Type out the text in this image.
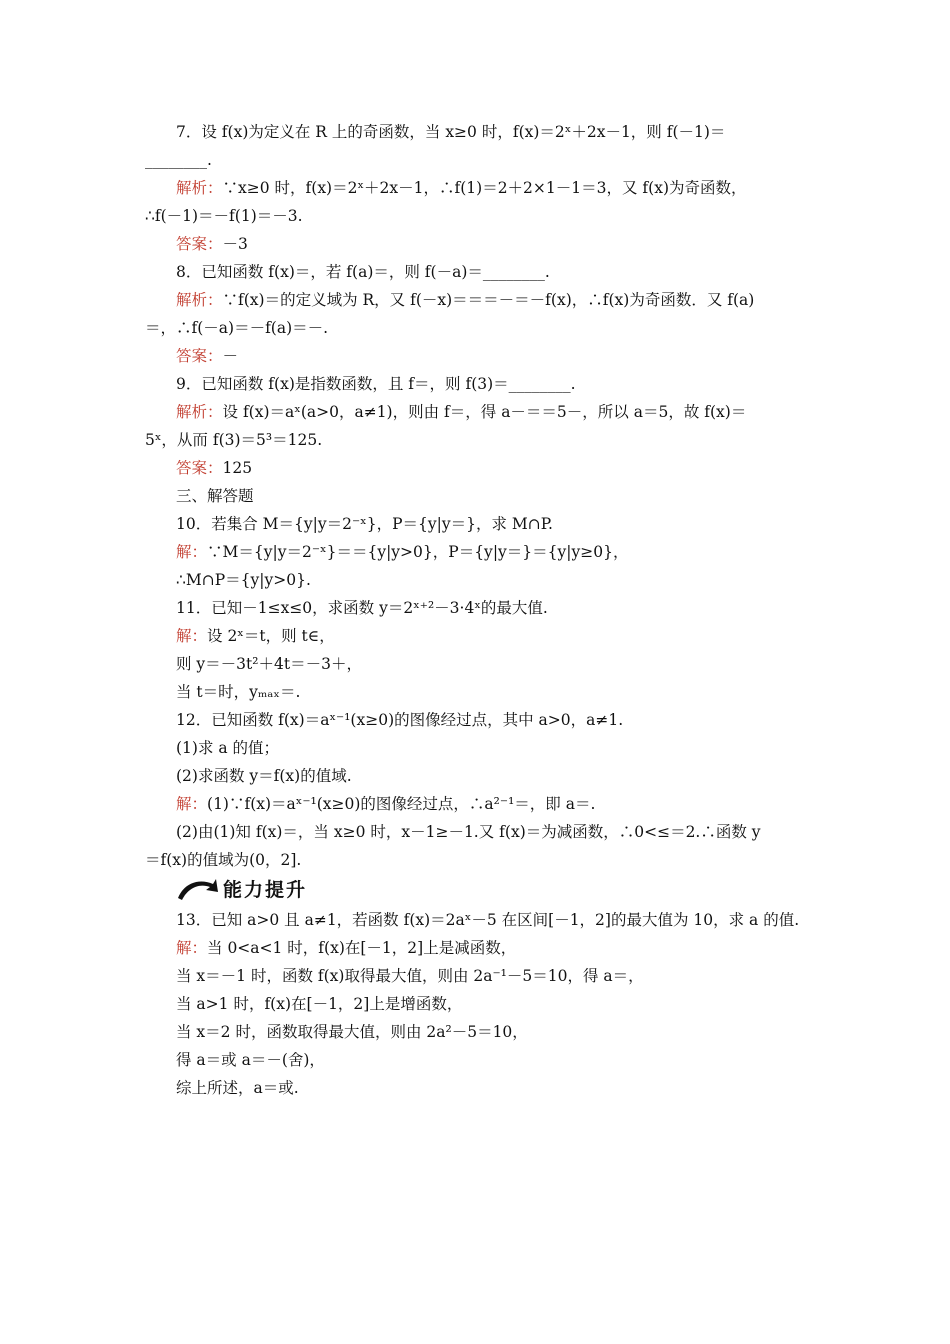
7．设 f(x)为定义在 R 上的奇函数，当 x≥0 时，f(x)＝2ˣ＋2x－1，则 f(－1)＝
________.
解析：∵x≥0 时，f(x)＝2ˣ＋2x－1，∴f(1)＝2＋2×1－1＝3，又 f(x)为奇函数，
∴f(－1)＝－f(1)＝－3.
答案：－3
8．已知函数 f(x)＝，若 f(a)＝，则 f(－a)＝________.
解析：∵f(x)＝的定义域为 R，又 f(－x)＝＝＝－＝－f(x)，∴f(x)为奇函数．又 f(a)
＝，∴f(－a)＝－f(a)＝－.
答案：－
9．已知函数 f(x)是指数函数，且 f＝，则 f(3)＝________.
解析：设 f(x)＝aˣ(a>0，a≠1)，则由 f＝，得 a－＝＝5－，所以 a＝5，故 f(x)＝
5ˣ，从而 f(3)＝5³＝125.
答案：125
三、解答题
10．若集合 M＝{y|y＝2⁻ˣ}，P＝{y|y＝}，求 M∩P.
解：∵M＝{y|y＝2⁻ˣ}＝＝{y|y>0}，P＝{y|y＝}＝{y|y≥0}，
∴M∩P＝{y|y>0}.
11．已知－1≤x≤0，求函数 y＝2ˣ⁺²－3·4ˣ的最大值.
解：设 2ˣ＝t，则 t∈，
则 y＝－3t²＋4t＝－3＋，
当 t＝时，yₘₐₓ＝.
12．已知函数 f(x)＝aˣ⁻¹(x≥0)的图像经过点，其中 a>0，a≠1.
(1)求 a 的值；
(2)求函数 y＝f(x)的值域.
解：(1)∵f(x)＝aˣ⁻¹(x≥0)的图像经过点，∴a²⁻¹＝，即 a＝.
(2)由(1)知 f(x)＝，当 x≥0 时，x－1≥－1.又 f(x)＝为减函数，∴0<≤＝2.∴函数 y
＝f(x)的值域为(0，2].
能力提升
13．已知 a>0 且 a≠1，若函数 f(x)＝2aˣ－5 在区间[－1，2]的最大值为 10，求 a 的值.
解：当 0<a<1 时，f(x)在[－1，2]上是减函数，
当 x＝－1 时，函数 f(x)取得最大值，则由 2a⁻¹－5＝10，得 a＝，
当 a>1 时，f(x)在[－1，2]上是增函数，
当 x＝2 时，函数取得最大值，则由 2a²－5＝10，
得 a＝或 a＝－(舍)，
综上所述，a＝或.
